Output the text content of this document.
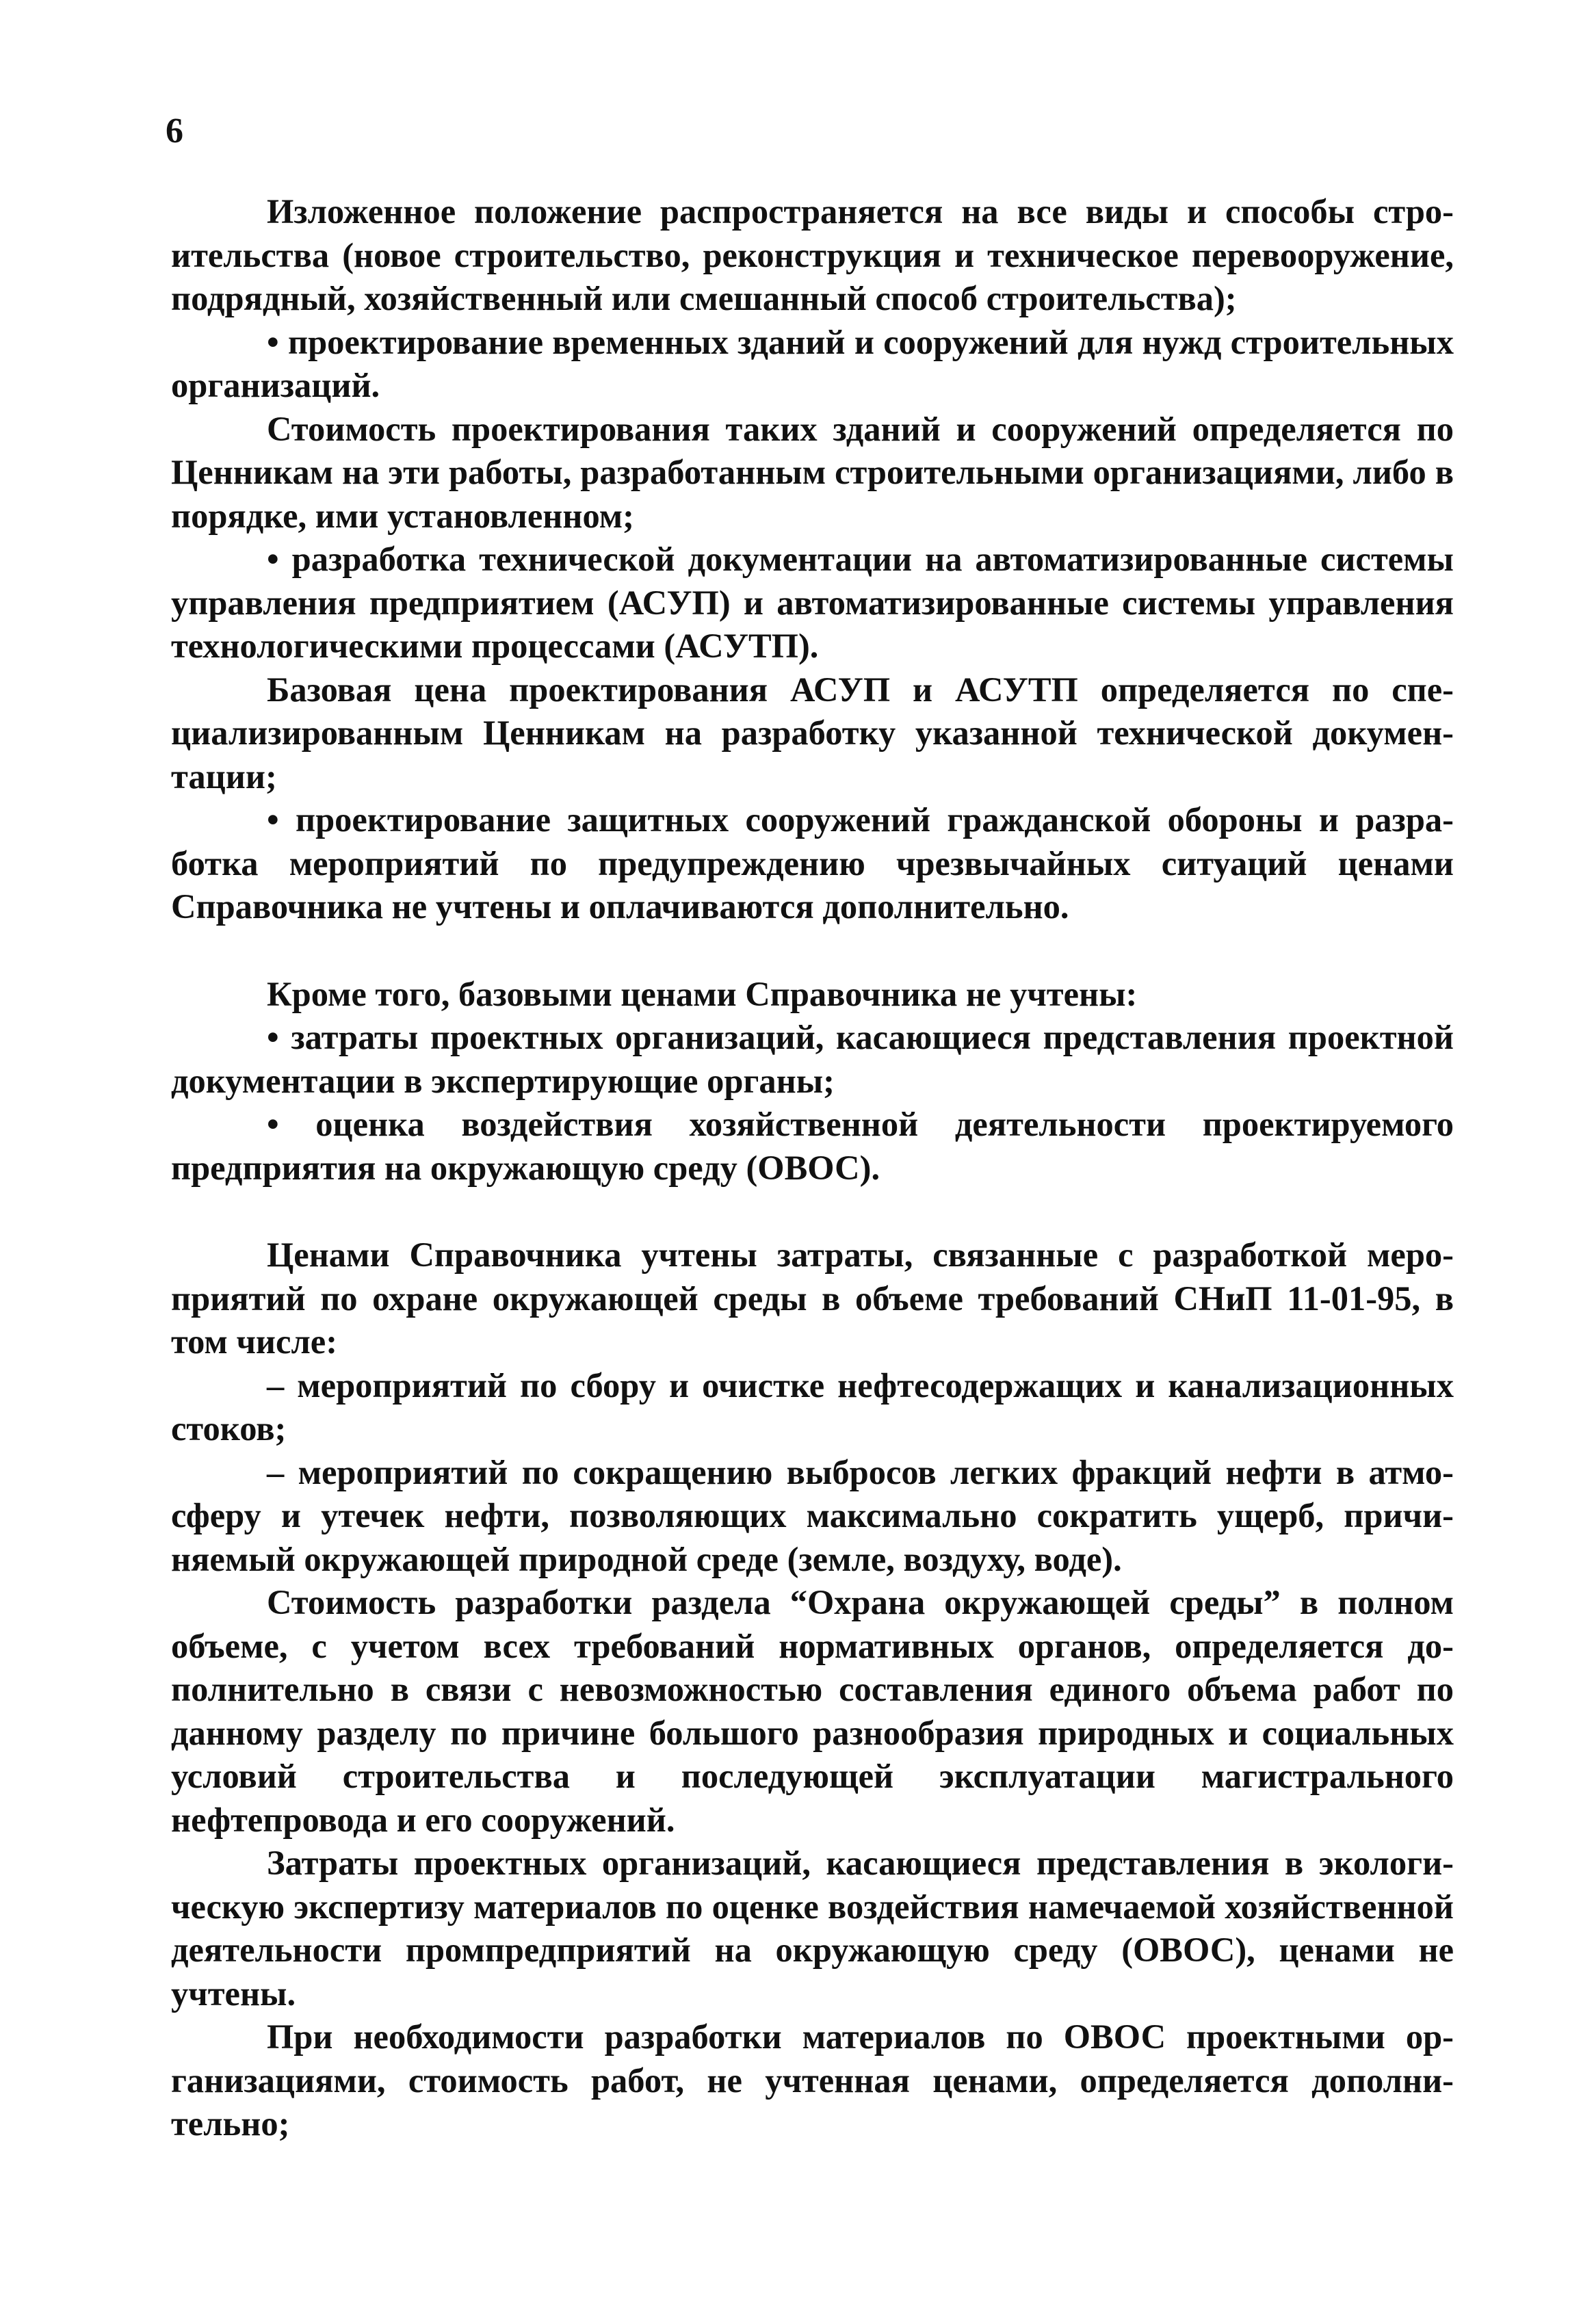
6

Изложенное положение распространяется на все виды и способы строительства (новое строительство, реконструкция и техническое перевооружение, подрядный, хозяйственный или смешанный способ строительства);

• проектирование временных зданий и сооружений для нужд строительных организаций.

Стоимость проектирования таких зданий и сооружений определяется по Ценникам на эти работы, разработанным строительными организациями, либо в порядке, ими установленном;

• разработка технической документации на автоматизированные системы управления предприятием (АСУП) и автоматизированные системы управления технологическими процессами (АСУТП).

Базовая цена проектирования АСУП и АСУТП определяется по специализированным Ценникам на разработку указанной технической документации;

• проектирование защитных сооружений гражданской обороны и разработка мероприятий по предупреждению чрезвычайных ситуаций ценами Справочника не учтены и оплачиваются дополнительно.

Кроме того, базовыми ценами Справочника не учтены:

• затраты проектных организаций, касающиеся представления проектной документации в экспертирующие органы;

• оценка воздействия хозяйственной деятельности проектируемого предприятия на окружающую среду (ОВОС).

Ценами Справочника учтены затраты, связанные с разработкой мероприятий по охране окружающей среды в объеме требований СНиП 11-01-95, в том числе:

– мероприятий по сбору и очистке нефтесодержащих и канализационных стоков;

– мероприятий по сокращению выбросов легких фракций нефти в атмосферу и утечек нефти, позволяющих максимально сократить ущерб, причиняемый окружающей природной среде (земле, воздуху, воде).

Стоимость разработки раздела “Охрана окружающей среды” в полном объеме, с учетом всех требований нормативных органов, определяется дополнительно в связи с невозможностью составления единого объема работ по данному разделу по причине большого разнообразия природных и социальных условий строительства и последующей эксплуатации магистрального нефтепровода и его сооружений.

Затраты проектных организаций, касающиеся представления в экологическую экспертизу материалов по оценке воздействия намечаемой хозяйственной деятельности промпредприятий на окружающую среду (ОВОС), ценами не учтены.

При необходимости разработки материалов по ОВОС проектными организациями, стоимость работ, не учтенная ценами, определяется дополнительно;
